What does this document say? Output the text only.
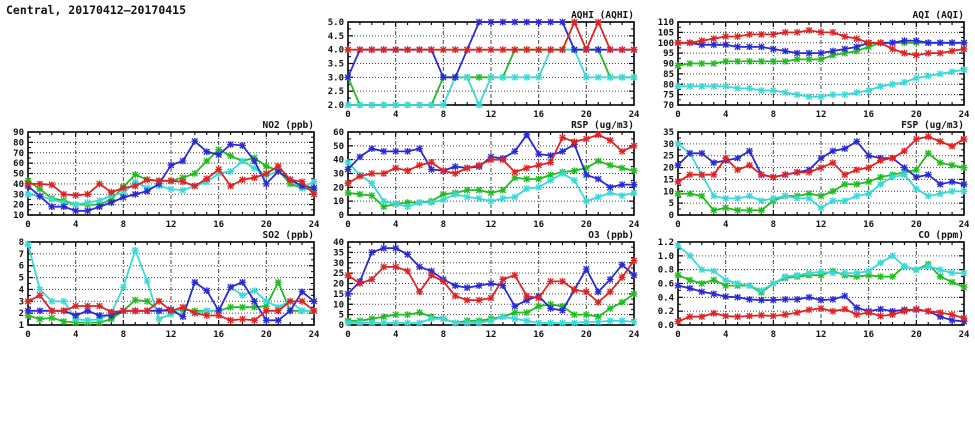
Central, 20170412–20170415
2.0
2.5
3.0
3.5
4.0
4.5
5.0
0	4	8	12	16	20	24
AQHI (AQHI)
70
75
80
85
90
95
100
105
110
0	4	8	12	16	20	24
AQI (AQI)
10
20
30
40
50
60
70
80
90
0	4	8	12	16	20	24
NO2 (ppb)
0
10
20
30
40
50
60
0	4	8	12	16	20	24
RSP (ug/m3)
0
5
10
15
20
25
30
35
0	4	8	12	16	20	24
FSP (ug/m3)
1
2
3
4
5
6
7
8
0	4	8	12	16	20	24
SO2 (ppb)
0
5
10
15
20
25
30
35
40
0	4	8	12	16	20	24
O3 (ppb)
0.0
0.2
0.4
0.6
0.8
1.0
1.2
0	4	8	12	16	20	24
CO (ppm)
